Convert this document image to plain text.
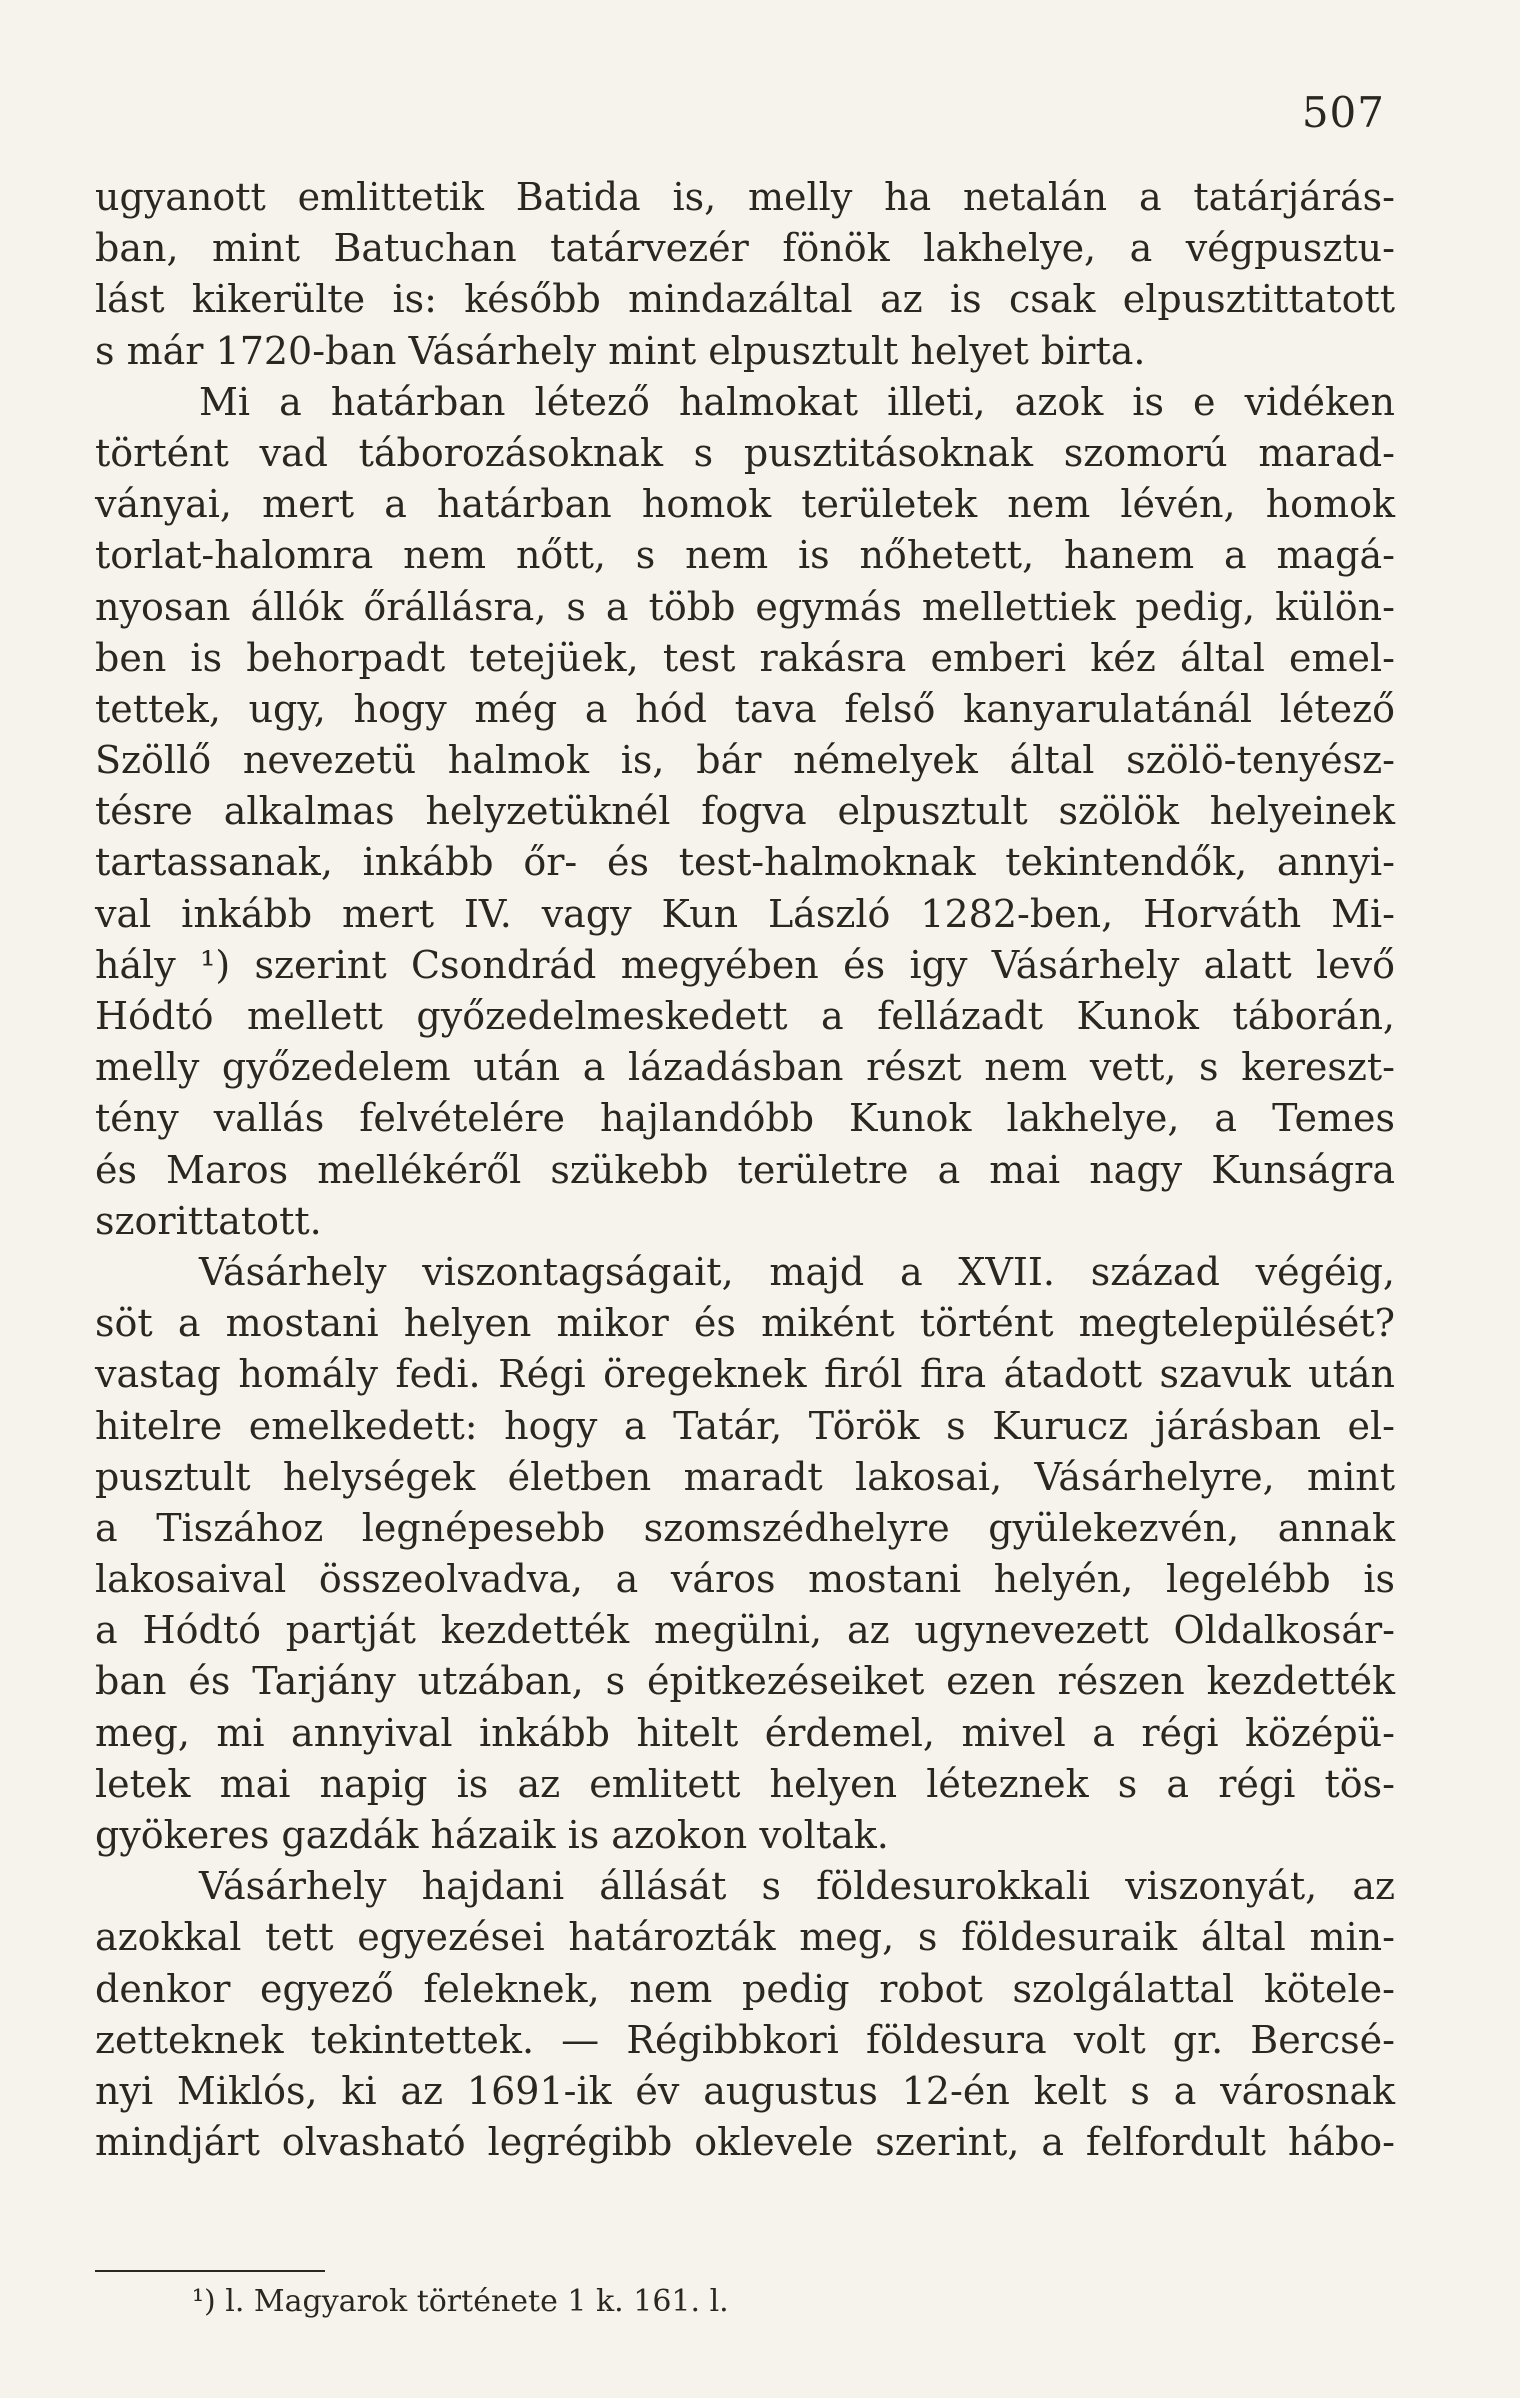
507
ugyanott emlittetik Batida is, melly ha netalán a tatárjárás-
ban, mint Batuchan tatárvezér fönök lakhelye, a végpusztu-
lást kikerülte is: később mindazáltal az is csak elpusztittatott
s már 1720-ban Vásárhely mint elpusztult helyet birta.
Mi a határban létező halmokat illeti, azok is e vidéken
történt vad táborozásoknak s pusztitásoknak szomorú marad-
ványai, mert a határban homok területek nem lévén, homok
torlat-halomra nem nőtt, s nem is nőhetett, hanem a magá-
nyosan állók őrállásra, s a több egymás mellettiek pedig, külön-
ben is behorpadt tetejüek, test rakásra emberi kéz által emel-
tettek, ugy, hogy még a hód tava felső kanyarulatánál létező
Szöllő nevezetü halmok is, bár némelyek által szölö-tenyész-
tésre alkalmas helyzetüknél fogva elpusztult szölök helyeinek
tartassanak, inkább őr- és test-halmoknak tekintendők, annyi-
val inkább mert IV. vagy Kun László 1282-ben, Horváth Mi-
hály ¹) szerint Csondrád megyében és igy Vásárhely alatt levő
Hódtó mellett győzedelmeskedett a fellázadt Kunok táborán,
melly győzedelem után a lázadásban részt nem vett, s kereszt-
tény vallás felvételére hajlandóbb Kunok lakhelye, a Temes
és Maros mellékéről szükebb területre a mai nagy Kunságra
szorittatott.
Vásárhely viszontagságait, majd a XVII. század végéig,
söt a mostani helyen mikor és miként történt megtelepülését?
vastag homály fedi. Régi öregeknek firól fira átadott szavuk után
hitelre emelkedett: hogy a Tatár, Török s Kurucz járásban el-
pusztult helységek életben maradt lakosai, Vásárhelyre, mint
a Tiszához legnépesebb szomszédhelyre gyülekezvén, annak
lakosaival összeolvadva, a város mostani helyén, legelébb is
a Hódtó partját kezdették megülni, az ugynevezett Oldalkosár-
ban és Tarjány utzában, s épitkezéseiket ezen részen kezdették
meg, mi annyival inkább hitelt érdemel, mivel a régi középü-
letek mai napig is az emlitett helyen léteznek s a régi tös-
gyökeres gazdák házaik is azokon voltak.
Vásárhely hajdani állását s földesurokkali viszonyát, az
azokkal tett egyezései határozták meg, s földesuraik által min-
denkor egyező feleknek, nem pedig robot szolgálattal kötele-
zetteknek tekintettek. — Régibbkori földesura volt gr. Bercsé-
nyi Miklós, ki az 1691-ik év augustus 12-én kelt s a városnak
mindjárt olvasható legrégibb oklevele szerint, a felfordult hábo-
¹) l. Magyarok története 1 k. 161. l.
